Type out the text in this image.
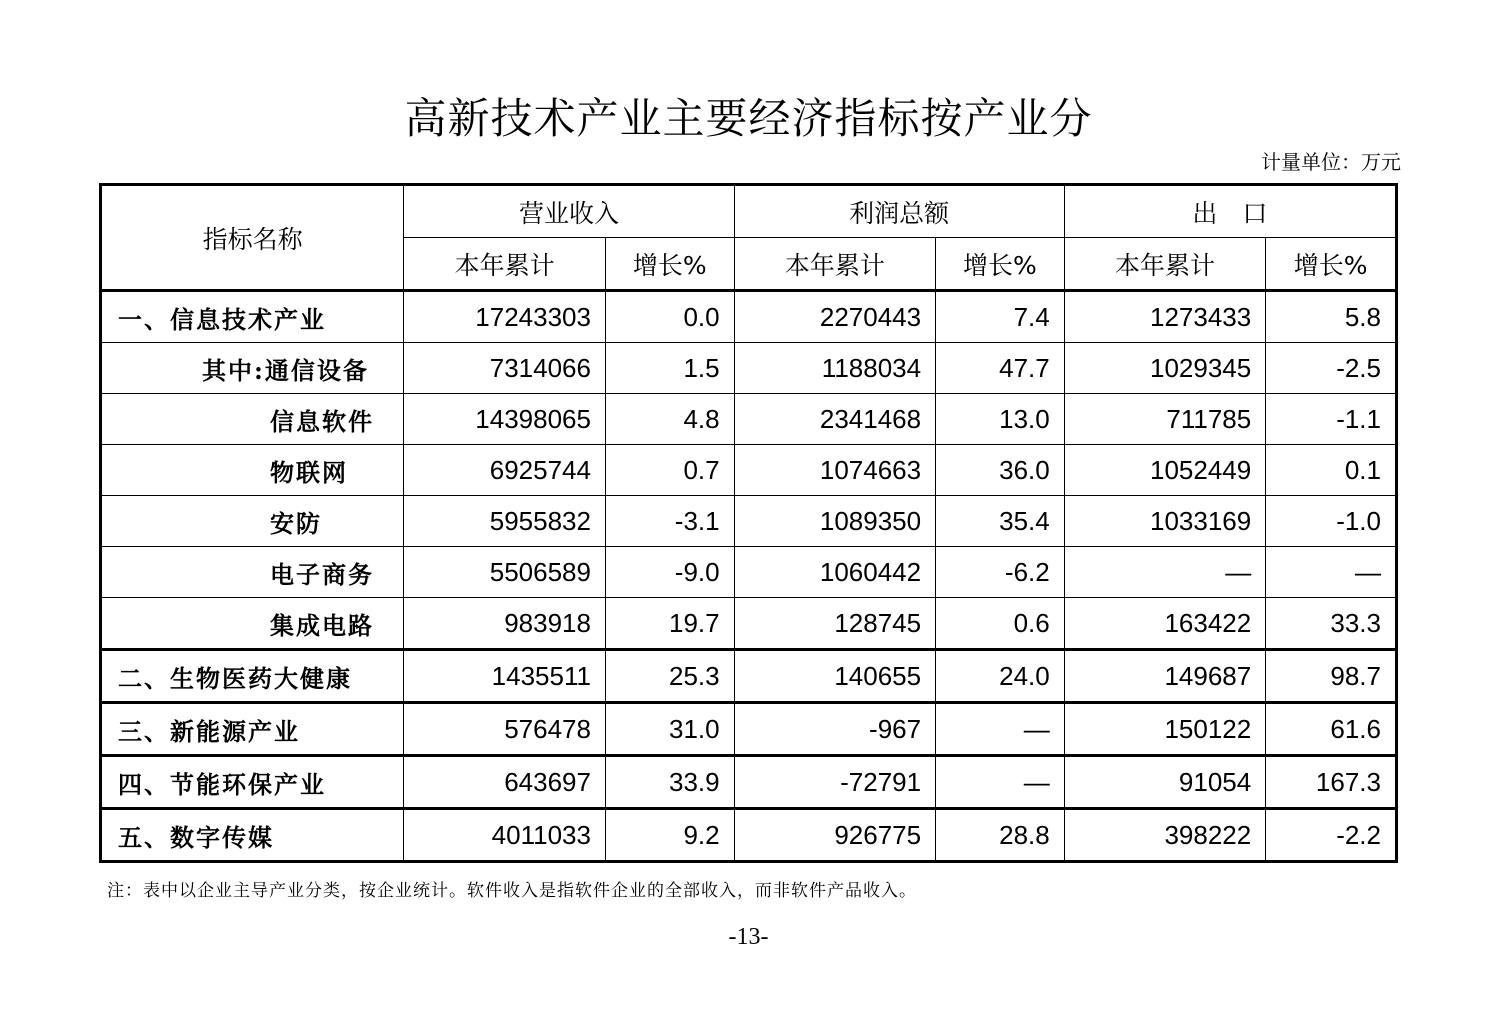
高新技术产业主要经济指标按产业分
计量单位：万元
指标名称	营业收入		利润总额		出　口	
	本年累计	增长%	本年累计	增长%	本年累计	增长%
一、信息技术产业	17243303	0.0	2270443	7.4	1273433	5.8
其中:通信设备	7314066	1.5	1188034	47.7	1029345	-2.5
信息软件	14398065	4.8	2341468	13.0	711785	-1.1
物联网	6925744	0.7	1074663	36.0	1052449	0.1
安防	5955832	-3.1	1089350	35.4	1033169	-1.0
电子商务	5506589	-9.0	1060442	-6.2	—	—
集成电路	983918	19.7	128745	0.6	163422	33.3
二、生物医药大健康	1435511	25.3	140655	24.0	149687	98.7
三、新能源产业	576478	31.0	-967	—	150122	61.6
四、节能环保产业	643697	33.9	-72791	—	91054	167.3
五、数字传媒	4011033	9.2	926775	28.8	398222	-2.2
注：表中以企业主导产业分类，按企业统计。软件收入是指软件企业的全部收入，而非软件产品收入。
-13-
